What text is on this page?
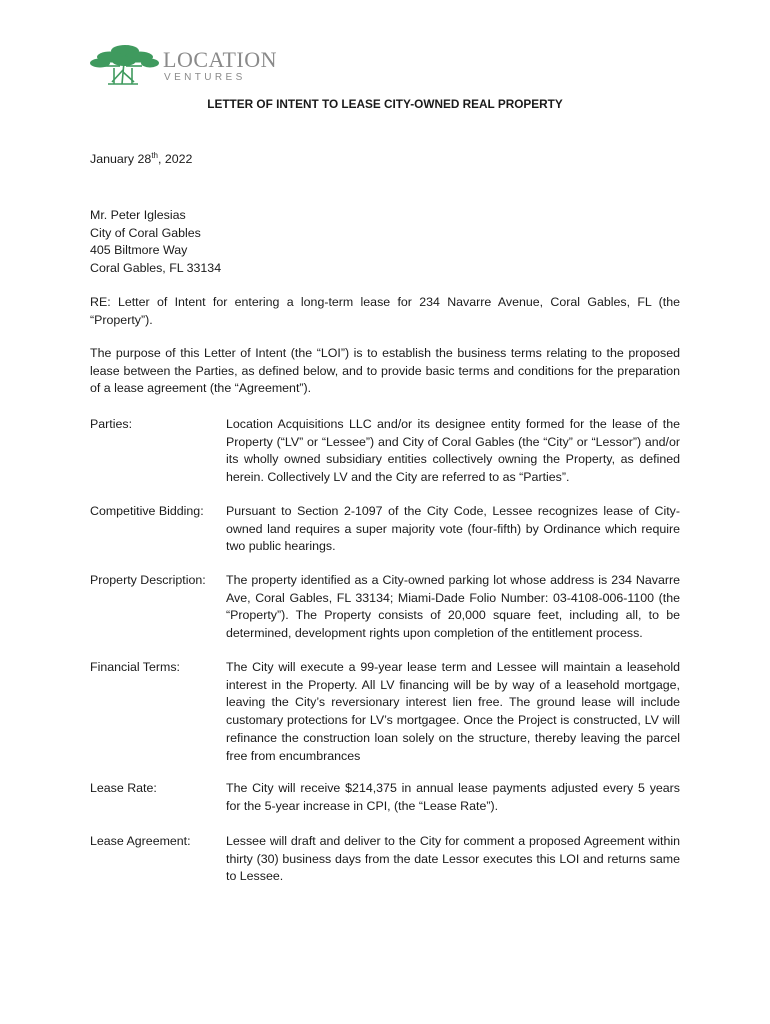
LOCATION
VENTURES
LETTER OF INTENT TO LEASE CITY-OWNED REAL PROPERTY
January 28th, 2022
Mr. Peter Iglesias
City of Coral Gables
405 Biltmore Way
Coral Gables, FL 33134
RE: Letter of Intent for entering a long-term lease for 234 Navarre Avenue, Coral Gables, FL (the “Property”).
The purpose of this Letter of Intent (the “LOI”) is to establish the business terms relating to the proposed lease between the Parties, as defined below, and to provide basic terms and conditions for the preparation of a lease agreement (the “Agreement”).
Parties:	Location Acquisitions LLC and/or its designee entity formed for the lease of the Property (“LV” or “Lessee”) and City of Coral Gables (the “City” or “Lessor”) and/or its wholly owned subsidiary entities collectively owning the Property, as defined herein. Collectively LV and the City are referred to as “Parties”.
Competitive Bidding:	Pursuant to Section 2-1097 of the City Code, Lessee recognizes lease of City-owned land requires a super majority vote (four-fifth) by Ordinance which require two public hearings.
Property Description:	The property identified as a City-owned parking lot whose address is 234 Navarre Ave, Coral Gables, FL 33134; Miami-Dade Folio Number: 03-4108-006-1100 (the “Property”). The Property consists of 20,000 square feet, including all, to be determined, development rights upon completion of the entitlement process.
Financial Terms:	The City will execute a 99-year lease term and Lessee will maintain a leasehold interest in the Property. All LV financing will be by way of a leasehold mortgage, leaving the City’s reversionary interest lien free. The ground lease will include customary protections for LV’s mortgagee. Once the Project is constructed, LV will refinance the construction loan solely on the structure, thereby leaving the parcel free from encumbrances
Lease Rate:	The City will receive $214,375 in annual lease payments adjusted every 5 years for the 5-year increase in CPI, (the “Lease Rate”).
Lease Agreement:	Lessee will draft and deliver to the City for comment a proposed Agreement within thirty (30) business days from the date Lessor executes this LOI and returns same to Lessee.
